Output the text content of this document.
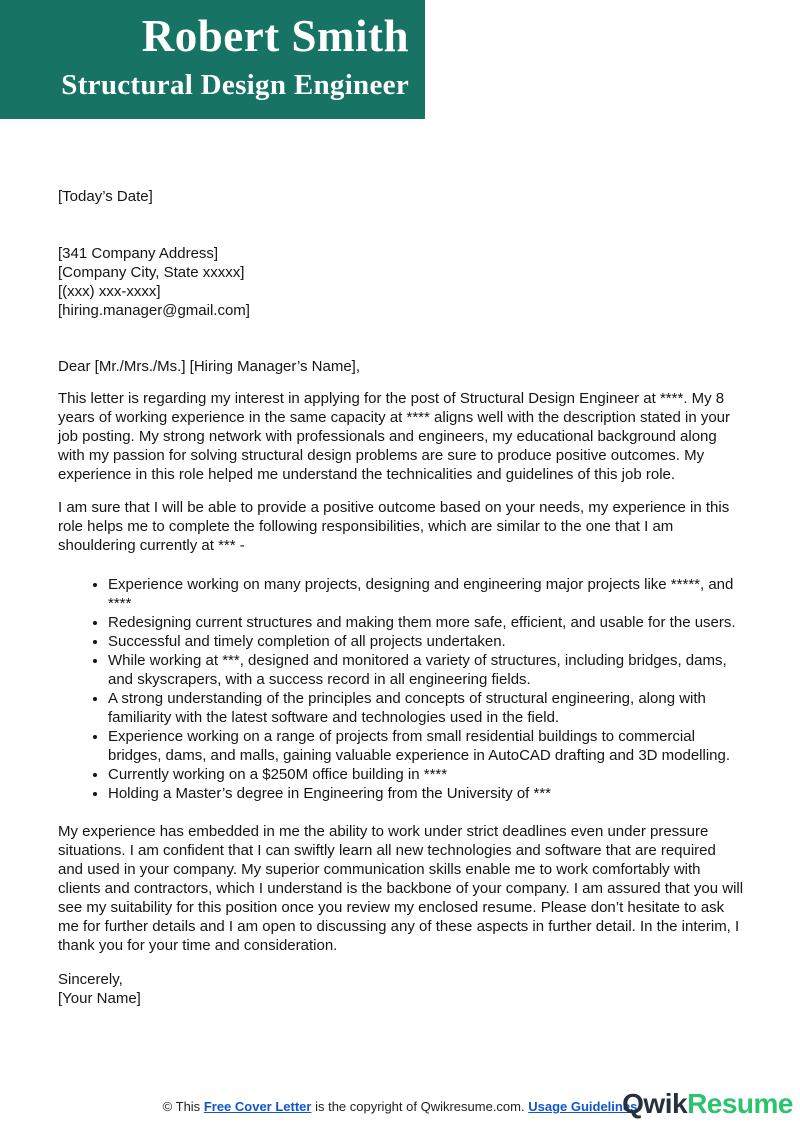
Robert Smith
Structural Design Engineer
[Today’s Date]
[341 Company Address]
[Company City, State xxxxx]
[(xxx) xxx-xxxx]
[hiring.manager@gmail.com]
Dear [Mr./Mrs./Ms.] [Hiring Manager’s Name],

This letter is regarding my interest in applying for the post of Structural Design Engineer at ****. My 8 years of working experience in the same capacity at **** aligns well with the description stated in your job posting. My strong network with professionals and engineers, my educational background along with my passion for solving structural design problems are sure to produce positive outcomes. My experience in this role helped me understand the technicalities and guidelines of this job role.

I am sure that I will be able to provide a positive outcome based on your needs, my experience in this role helps me to complete the following responsibilities, which are similar to the one that I am shouldering currently at *** -

• Experience working on many projects, designing and engineering major projects like *****, and ****
• Redesigning current structures and making them more safe, efficient, and usable for the users.
• Successful and timely completion of all projects undertaken.
• While working at ***, designed and monitored a variety of structures, including bridges, dams, and skyscrapers, with a success record in all engineering fields.
• A strong understanding of the principles and concepts of structural engineering, along with familiarity with the latest software and technologies used in the field.
• Experience working on a range of projects from small residential buildings to commercial bridges, dams, and malls, gaining valuable experience in AutoCAD drafting and 3D modelling.
• Currently working on a $250M office building in ****
• Holding a Master’s degree in Engineering from the University of ***

My experience has embedded in me the ability to work under strict deadlines even under pressure situations. I am confident that I can swiftly learn all new technologies and software that are required and used in your company. My superior communication skills enable me to work comfortably with clients and contractors, which I understand is the backbone of your company. I am assured that you will see my suitability for this position once you review my enclosed resume. Please don’t hesitate to ask me for further details and I am open to discussing any of these aspects in further detail. In the interim, I thank you for your time and consideration.

Sincerely,
[Your Name]
© This Free Cover Letter is the copyright of Qwikresume.com. Usage Guidelines
QwikResume
